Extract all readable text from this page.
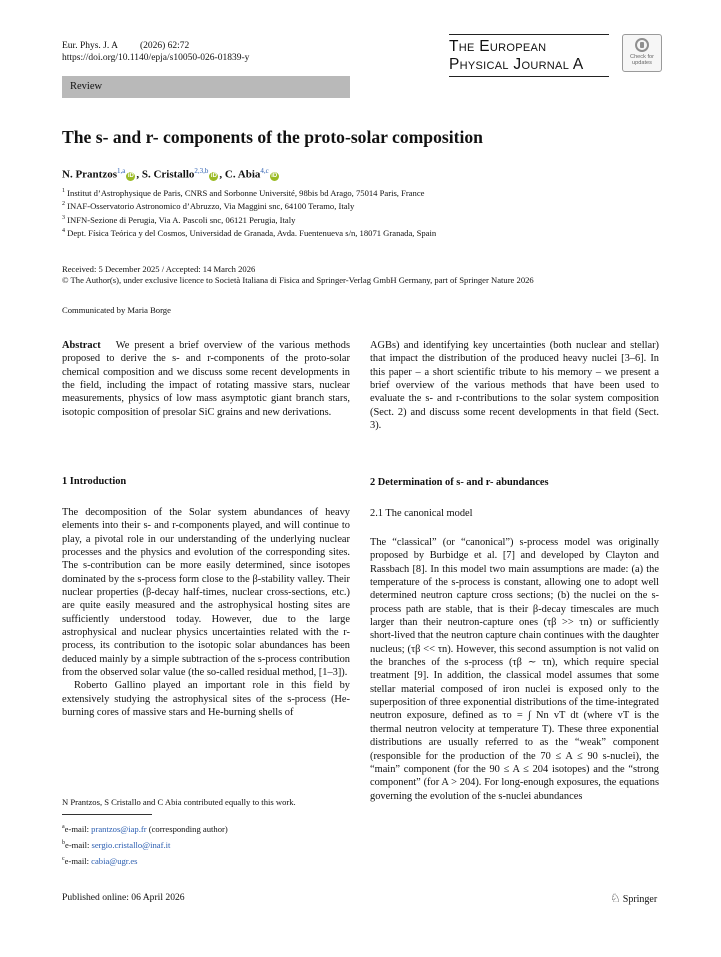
Eur. Phys. J. A (2026) 62:72
https://doi.org/10.1140/epja/s10050-026-01839-y
The European
Physical Journal A	Check for
updates
Review
The s- and r- components of the proto-solar composition
N. Prantzos$^{1,a}$iD , S. Cristallo$^{2,3,b}$iD , C. Abia$^{4,c}$iD
$^1$ Institut d’Astrophysique de Paris, CNRS and Sorbonne Université, 98bis bd Arago, 75014 Paris, France
$^2$ INAF-Osservatorio Astronomico d’Abruzzo, Via Maggini snc, 64100 Teramo, Italy
$^3$ INFN-Sezione di Perugia, Via A. Pascoli snc, 06121 Perugia, Italy
$^4$ Dept. Física Teórica y del Cosmos, Universidad de Granada, Avda. Fuentenueva s/n, 18071 Granada, Spain
Received: 5 December 2025 / Accepted: 14 March 2026
© The Author(s), under exclusive licence to Società Italiana di Fisica and Springer-Verlag GmbH Germany, part of Springer Nature 2026
Communicated by Maria Borge

Abstract We present a brief overview of the various methods proposed to derive the s- and r-components of the proto-solar chemical composition and we discuss some recent developments in the field, including the impact of rotating massive stars, nuclear measurements, physics of low mass asymptotic giant branch stars, isotopic composition of presolar SiC grains and new derivations.

1 Introduction

The decomposition of the Solar system abundances of heavy elements into their s- and r-components played, and will continue to play, a pivotal role in our understanding of the underlying nuclear processes and the physics and evolution of the corresponding sites. The s-contribution can be more easily determined, since isotopes dominated by the s-process form close to the β-stability valley. Their nuclear properties (β-decay half-times, nuclear cross-sections, etc.) are quite easily measured and the astrophysical hosting sites are sufficiently understood today. However, due to the large astrophysical and nuclear physics uncertainties related with the r-process, its contribution to the isotopic solar abundances has been deduced mainly by a simple subtraction of the s-process contribution from the observed solar value (the so-called residual method, [1–3]).

Roberto Gallino played an important role in this field by extensively studying the astrophysical sites of the s-process (He-burning cores of massive stars and He-burning shells of

N Prantzos, S Cristallo and C Abia contributed equally to this work.
$^a$e-mail: prantzos@iap.fr (corresponding author)
$^b$e-mail: sergio.cristallo@inaf.it
$^c$e-mail: cabia@ugr.es

AGBs) and identifying key uncertainties (both nuclear and stellar) that impact the distribution of the produced heavy nuclei [3–6]. In this paper – a short scientific tribute to his memory – we present a brief overview of the various methods that have been used to evaluate the s- and r-contributions to the solar system composition (Sect. 2) and discuss some recent developments in that field (Sect. 3).

2 Determination of s- and r- abundances
2.1 The canonical model

The “classical” (or “canonical”) s-process model was originally proposed by Burbidge et al. [7] and developed by Clayton and Rassbach [8]. In this model two main assumptions are made: (a) the temperature of the s-process is constant, allowing one to adopt well determined neutron capture cross sections; (b) the nuclei on the s-process path are stable, that is their β-decay timescales are much larger than their neutron-capture ones (τβ >> τn) or sufficiently short-lived that the neutron capture chain continues with the daughter nucleus; (τβ << τn). However, this second assumption is not valid on the branches of the s-process (τβ ∼ τn), which require special treatment [9]. In addition, the classical model assumes that some stellar material composed of iron nuclei is exposed only to the superposition of three exponential distributions of the time-integrated neutron exposure, defined as τo = ∫ Nn vT dt (where vT is the thermal neutron velocity at temperature T). These three exponential distributions are usually referred to as the “weak” component (responsible for the production of the 70 ≤ A ≤ 90 s-nuclei), the “main” component (for the 90 ≤ A ≤ 204 isotopes) and the “strong component” (for A > 204). For long-enough exposures, the equations governing the evolution of the s-nuclei abundances

Published online: 06 April 2026	♘ Springer
